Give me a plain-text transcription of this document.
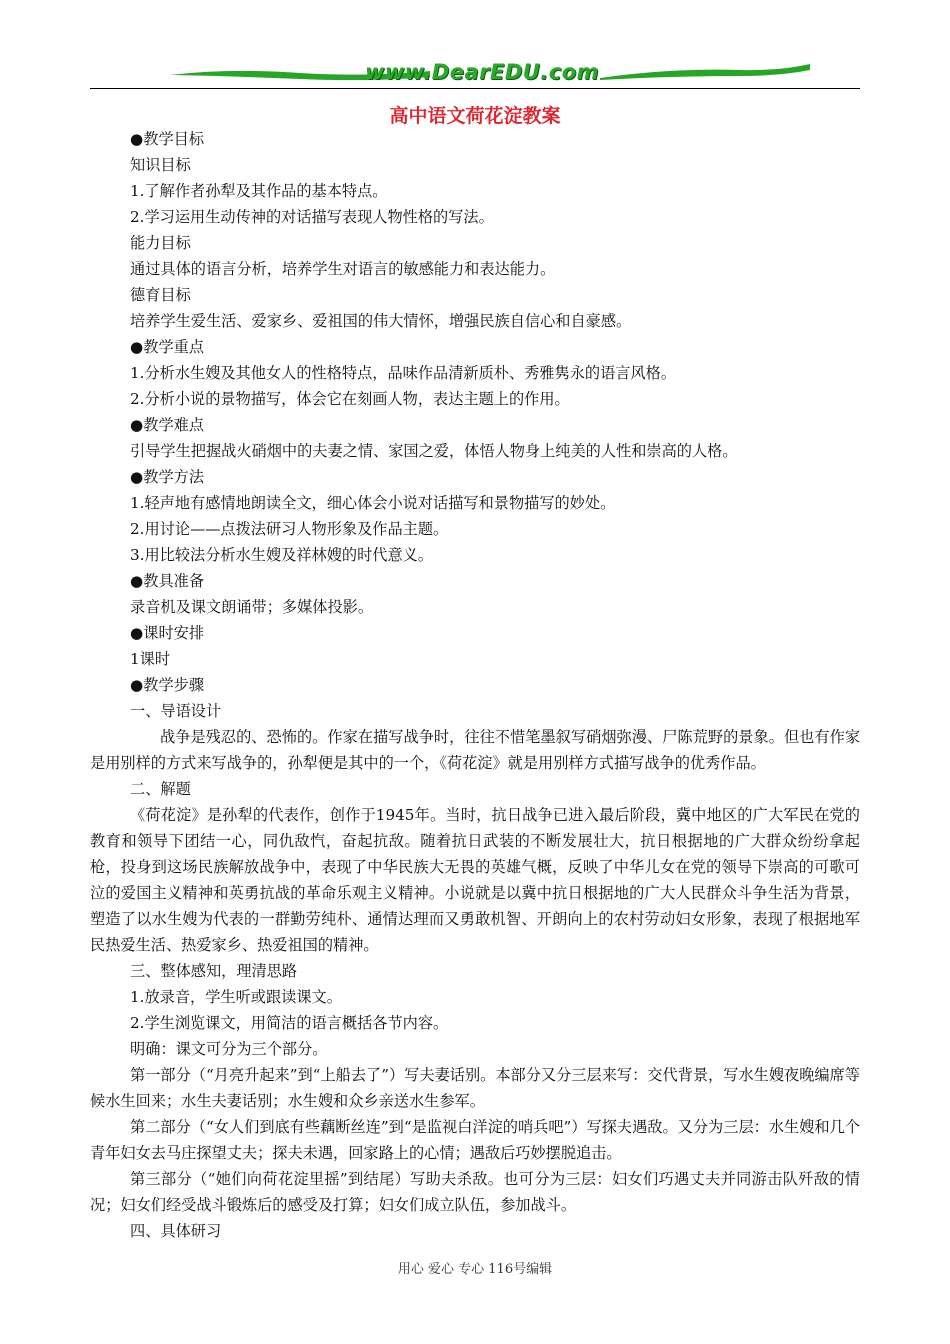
www.DearEDU.com
高中语文荷花淀教案
●教学目标
知识目标
1.了解作者孙犁及其作品的基本特点。
2.学习运用生动传神的对话描写表现人物性格的写法。
能力目标
通过具体的语言分析，培养学生对语言的敏感能力和表达能力。
德育目标
培养学生爱生活、爱家乡、爱祖国的伟大情怀，增强民族自信心和自豪感。
●教学重点
1.分析水生嫂及其他女人的性格特点，品味作品清新质朴、秀雅隽永的语言风格。
2.分析小说的景物描写，体会它在刻画人物，表达主题上的作用。
●教学难点
引导学生把握战火硝烟中的夫妻之情、家国之爱，体悟人物身上纯美的人性和崇高的人格。
●教学方法
1.轻声地有感情地朗读全文，细心体会小说对话描写和景物描写的妙处。
2.用讨论——点拨法研习人物形象及作品主题。
3.用比较法分析水生嫂及祥林嫂的时代意义。
●教具准备
录音机及课文朗诵带；多媒体投影。
●课时安排
1课时
●教学步骤
一、导语设计
战争是残忍的、恐怖的。作家在描写战争时，往往不惜笔墨叙写硝烟弥漫、尸陈荒野的景象。但也有作家是用别样的方式来写战争的，孙犁便是其中的一个，《荷花淀》就是用别样方式描写战争的优秀作品。
二、解题
《荷花淀》是孙犁的代表作，创作于1945年。当时，抗日战争已进入最后阶段，冀中地区的广大军民在党的教育和领导下团结一心，同仇敌忾，奋起抗敌。随着抗日武装的不断发展壮大，抗日根据地的广大群众纷纷拿起枪，投身到这场民族解放战争中，表现了中华民族大无畏的英雄气概，反映了中华儿女在党的领导下崇高的可歌可泣的爱国主义精神和英勇抗战的革命乐观主义精神。小说就是以冀中抗日根据地的广大人民群众斗争生活为背景，塑造了以水生嫂为代表的一群勤劳纯朴、通情达理而又勇敢机智、开朗向上的农村劳动妇女形象，表现了根据地军民热爱生活、热爱家乡、热爱祖国的精神。
三、整体感知，理清思路
1.放录音，学生听或跟读课文。
2.学生浏览课文，用简洁的语言概括各节内容。
明确：课文可分为三个部分。
第一部分（“月亮升起来”到“上船去了”）写夫妻话别。本部分又分三层来写：交代背景，写水生嫂夜晚编席等候水生回来；水生夫妻话别；水生嫂和众乡亲送水生参军。
第二部分（“女人们到底有些藕断丝连”到“是监视白洋淀的哨兵吧”）写探夫遇敌。又分为三层：水生嫂和几个青年妇女去马庄探望丈夫；探夫未遇，回家路上的心情；遇敌后巧妙摆脱追击。
第三部分（“她们向荷花淀里摇”到结尾）写助夫杀敌。也可分为三层：妇女们巧遇丈夫并同游击队歼敌的情况；妇女们经受战斗锻炼后的感受及打算；妇女们成立队伍，参加战斗。
四、具体研习
用心 爱心 专心 116号编辑
